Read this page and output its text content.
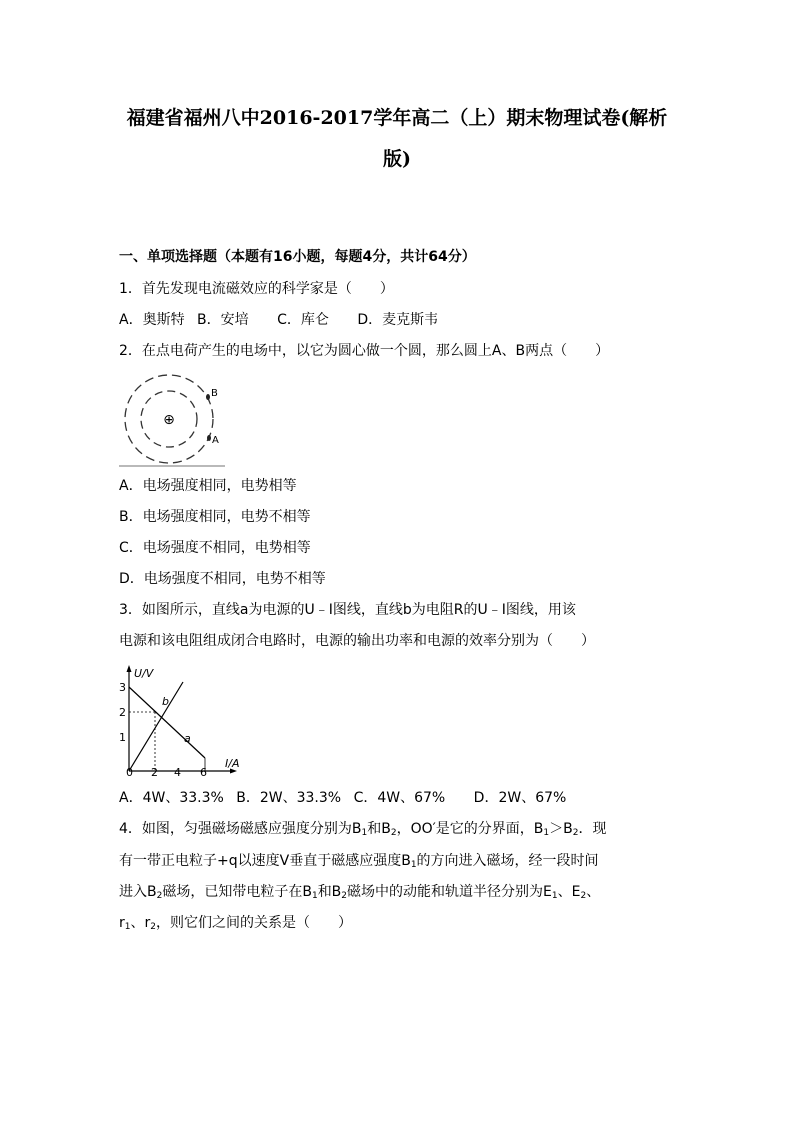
福建省福州八中2016-2017学年高二（上）期末物理试卷(解析
版)
一、单项选择题（本题有16小题，每题4分，共计64分）
1．首先发现电流磁效应的科学家是（　　）
A．奥斯特 B．安培 C．库仑 D．麦克斯韦
2．在点电荷产生的电场中，以它为圆心做一个圆，那么圆上A、B两点（　　）
⊕
B
A
A．电场强度相同，电势相等
B．电场强度相同，电势不相等
C．电场强度不相同，电势相等
D．电场强度不相同，电势不相等
3．如图所示，直线a为电源的U﹣I图线，直线b为电阻R的U﹣I图线，用该
电源和该电阻组成闭合电路时，电源的输出功率和电源的效率分别为（　　）
U/V
I/A
3
2
1
0 2 4 6
a
b
A．4W、33.3% B．2W、33.3% C．4W、67% D．2W、67%
4．如图，匀强磁场磁感应强度分别为$B_1$和$B_2$，OO′是它的分界面，$B_1>B_2$．现
有一带正电粒子+q以速度V垂直于磁感应强度$B_1$的方向进入磁场，经一段时间
进入$B_2$磁场，已知带电粒子在$B_1$和$B_2$磁场中的动能和轨道半径分别为$E_1$、$E_2$、
$r_1$、$r_2$，则它们之间的关系是（　　）
